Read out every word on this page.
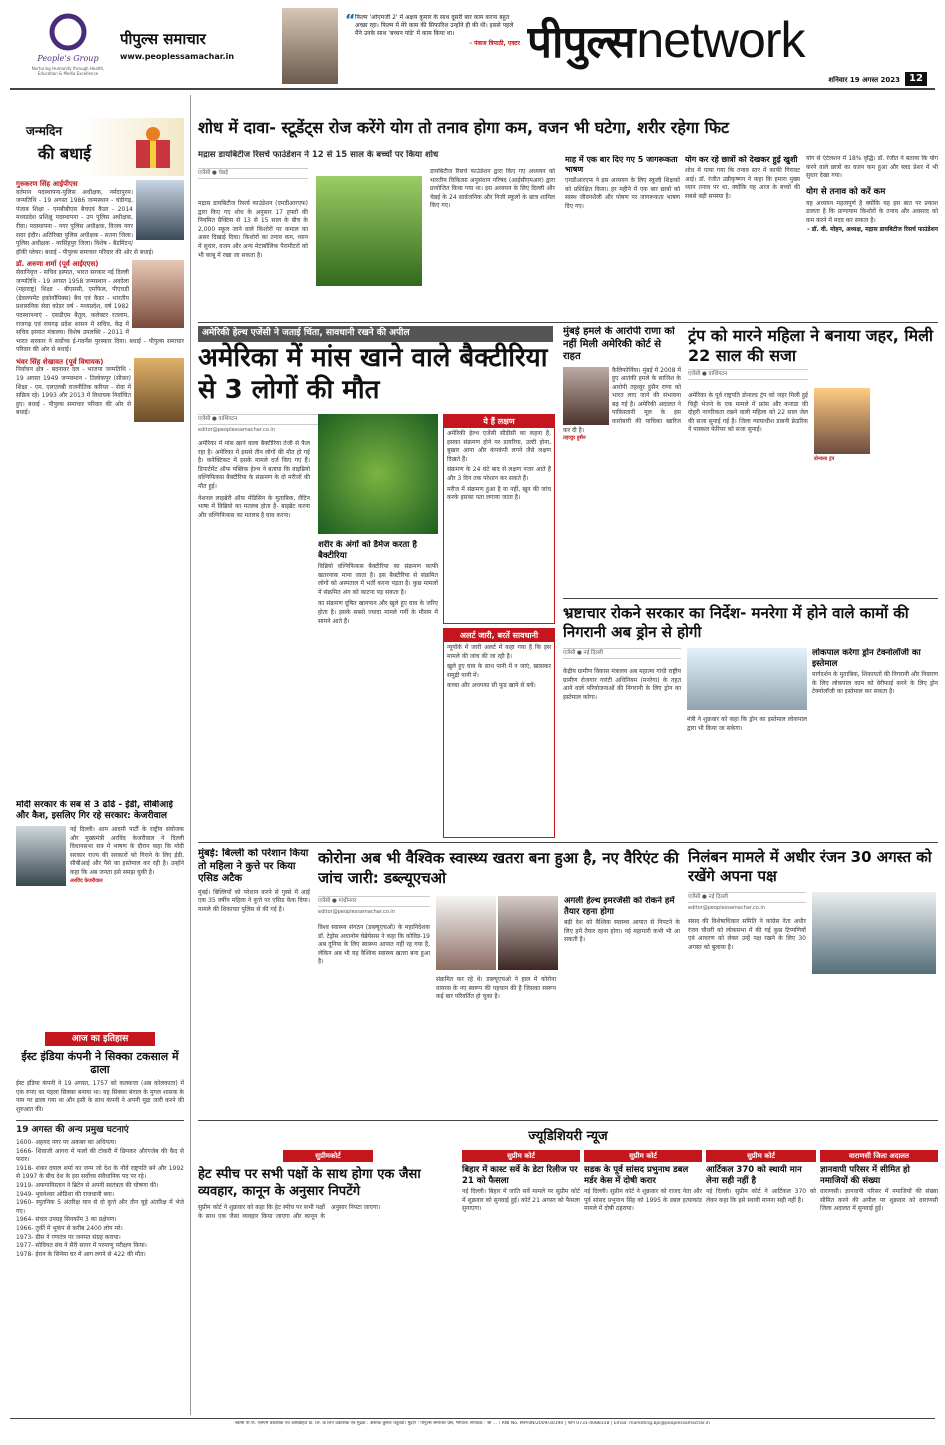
People's Group
Nurturing Humanity through Health, Education & Media Excellence
पीपुल्स समाचार
www.peoplessamachar.in
“ फिल्म 'ओएमजी 2' में अक्षय कुमार के साथ दूसरी बार काम करना बहुत अच्छा रहा। फिल्म में मेरे काम की सिफारिश उन्होंने ही की थी। इससे पहले मैंने उनके साथ 'बच्चन पांडे' में काम किया था।
- पंकज त्रिपाठी, एक्टर पीपुल्स network
शनिवार 19 अगस्त 2023 12
जन्मदिन
की बधाई
गुरुकरण सिंह आईपीएस
वर्तमान पदस्थापना-पुलिस अधीक्षक, नर्मदापुरम। जन्मतिथि - 19 अगस्त 1986 जन्मस्थान - चंडीगढ़, पंजाब शिक्षा - एमबीबीएस बैचएवं कैडर - 2014 मध्यप्रदेश प्रशिक्षु पदस्थापना - उप पुलिस अधीक्षक, रीवा। पदस्थापना - नगर पुलिस अधीक्षक, विजय नगर सदर इंदौर। अतिरिक्त पुलिस अधीक्षक - सतना जिला। पुलिस अधीक्षक - नरसिंहपुर जिला। विशेष - बैडमिंटन/हॉकी प्लेयर। बधाई - पीपुल्स समाचार परिवार की ओर से बधाई।
डॉ. अरुणा शर्मा (पूर्व आईएएस)
सेवानिवृत्त - सचिव इस्पात, भारत सरकार नई दिल्ली जन्मतिथि - 19 अगस्त 1958 जन्मस्थान - अकोला (महाराष्ट्र) शिक्षा - बीएससी, एमफिल, पीएचडी (डेवलपमेंट इकोनॉमिक्स) बैच एवं कैडर - भारतीय प्रशासनिक सेवा कोडर वर्ष - मध्यप्रदेश, वर्ष 1982 पदस्थापनाएं - एसडीएम बैतूल, कलेक्टर रतलाम, राजगढ़ एवं रायगढ़ प्रदेश शासन में सचिव, केंद्र में सचिव इस्पात मंत्रालय। विशेष उपलब्धि - 2011 में भारत सरकार ने सर्वोच्च ई-गवर्नेंस पुरस्कार दिया। बधाई - पीपुल्स समाचार परिवार की ओर से बधाई।
भंवर सिंह शेखावत (पूर्व विधायक)
निर्वाचन क्षेत्र - बदनावर दल - भाजपा जन्मतिथि - 19 अगस्त 1949 जन्मस्थान - तिलोकपुर (सीकर) शिक्षा - एम. एलएलबी राजनीतिक करियर - सेवा में सक्रिय रहे। 1993 और 2013 में विधायक निर्वाचित हुए। बधाई - पीपुल्स समाचार परिवार की ओर से बधाई।
मोदी सरकार के सब से 3 ढोंढे - ईडी, सीबीआई और कैश, इसलिए गिर रहे सरकार: केजरीवाल
नई दिल्ली। आम आदमी पार्टी के राष्ट्रीय संयोजक और मुख्यमंत्री अरविंद केजरीवाल ने दिल्ली विधानसभा सत्र में भाषण के दौरान कहा कि मोदी सरकार राज्य की सरकारों को गिराने के लिए ईडी, सीबीआई और पैसे का इस्तेमाल कर रही है। उन्होंने कहा कि अब जनता इसे समझ चुकी है।
अरविंद केजरीवाल
आज का इतिहास
ईस्ट इंडिया कंपनी ने सिक्का टकसाल में ढाला
ईस्ट इंडिया कंपनी ने 19 अगस्त, 1757 को कलकत्ता (अब कोलकाता) में एक रुपए का पहला सिक्का बनाया था। यह सिक्का बंगाल के मुगल शासक के नाम पर ढाला गया था और इसी के साथ कंपनी ने अपनी मुद्रा जारी करने की शुरुआत की।
19 अगस्त की अन्य प्रमुख घटनाएं
1600- अहमद नगर पर अकबर का अधिपत्य।
1666- शिवाजी आगरा में फलों की टोकरी में छिपकर औरंगजेब की कैद से फरार।
1918- शंकर दयाल शर्मा का जन्म जो देश के नौवें राष्ट्रपति बने और 1992 से 1997 के बीच देश के इस सर्वोच्च संवैधानिक पद पर रहे।
1919- अफगानिस्तान ने ब्रिटेन से अपनी स्वतंत्रता की घोषणा की।
1949- भुवनेश्वर ओडिशा की राजधानी बना।
1960- स्पुतनिक 5 अंतरिक्ष यान से दो कुत्ते और तीन चूहे अंतरिक्ष में भेजे गए।
1964- संचार उपग्रह सिनकॉम 3 का प्रक्षेपण।
1966- तुर्की में भूकंप से करीब 2400 लोग मरे।
1973- ग्रीस ने गणतंत्र पर जनमत संग्रह कराया।
1977- सोवियत संघ ने सैरी सागर में परमाणु परीक्षण किया।
1978- ईरान के सिनेमा घर में आग लगने से 422 की मौत।
शोध में दावा- स्टूडेंट्स रोज करेंगे योग तो तनाव होगा कम, वजन भी घटेगा, शरीर रहेगा फिट
मद्रास डायबिटीज रिसर्च फाउंडेशन ने 12 से 15 साल के बच्चों पर किया शोध
एजेंसी ● चेन्नई
मद्रास डायबिटीज रिसर्च फाउंडेशन (एमडीआरएफ) द्वारा किए गए शोध के अनुसार 17 हफ्तों की नियमित प्रैक्टिस से 13 से 15 साल के बीच के 2,000 स्कूल जाने वाले किशोरों पर कमाल का असर दिखाई दिया। किशोरों का तनाव कम, ध्यान में सुधार, वजन और अन्य मेटाबॉलिक पैरामीटरों को भी काबू में रखा जा सकता है।
डायबिटीज रिसर्च फाउंडेशन द्वारा किए गए अध्ययन को भारतीय चिकित्सा अनुसंधान परिषद (आईसीएमआर) द्वारा प्रायोजित किया गया था। इस अध्ययन के लिए दिल्ली और चेन्नई के 24 सार्वजनिक और निजी स्कूलों के छात्र शामिल किए गए।
माह में एक बार दिए गए 5 जागरूकता भाषण
एमडीआरएफ ने इस अध्ययन के लिए स्कूली शिक्षकों को प्रशिक्षित किया। हर महीने में एक बार छात्रों को स्वस्थ जीवनशैली और पोषण पर जागरूकता भाषण दिए गए।
योग कर रहे छात्रों को देखकर हुई खुशी
शोध में पाया गया कि तनाव स्तर में काफी गिरावट आई। डॉ. रंजीत उन्नीकृष्णन ने कहा कि हमारा मुख्य ध्यान तनाव पर था, क्योंकि यह आज के बच्चों की सबसे बड़ी समस्या है।
योग से एंटेलशन में 18% वृद्धि। डॉ. रंजीत ने बताया कि योग करने वाले छात्रों का वजन कम हुआ और ब्लड प्रेशर में भी सुधार देखा गया।
योग से तनाव को करें कम
यह अध्ययन महत्वपूर्ण है क्योंकि यह इस बात पर प्रकाश डालता है कि प्राणायाम किशोरों के तनाव और अवसाद को कम करने में मदद कर सकता है।
- डॉ. वी. मोहन, अध्यक्ष, मद्रास डायबिटीज रिसर्च फाउंडेशन
अमेरिकी हेल्थ एजेंसी ने जताई चिंता, सावधानी रखने की अपील
अमेरिका में मांस खाने वाले बैक्टीरिया से 3 लोगों की मौत
एजेंसी ● वाशिंगटन
editor@peoplessamachar.co.in
अमेरिका में मांस खाने वाला बैक्टीरिया तेजी से फैल रहा है। अमेरिका में इससे तीन लोगों की मौत हो गई है। कनेक्टिकट में इसके मामले दर्ज किए गए हैं। डिपार्टमेंट ऑफ पब्लिक हेल्थ ने बताया कि वाइब्रियो वल्निफिकस बैक्टीरिया के संक्रमण के दो मरीजों की मौत हुई।
नेशनल लाइब्रेरी ऑफ मेडिसिन के मुताबिक, लैटिन भाषा में विब्रियो का मतलब होता है- बाइब्रेट करना और वल्निफिकस का मतलब है घाव करना।
शरीर के अंगों को डैमेज करता है बैक्टीरिया
विब्रियो वल्निफिकस बैक्टीरिया का संक्रमण काफी खतरनाक माना जाता है। इस बैक्टीरिया से संक्रमित लोगों को अस्पताल में भर्ती करना पड़ता है। कुछ मामलों में संक्रमित अंग को काटना पड़ सकता है।
का संक्रमण दूषित खानपान और खुले हुए घाव के जरिए होता है। इसके सबसे ज्यादा मामले गर्मी के मौसम में सामने आते हैं।
ये हैं लक्षण
अमेरिकी हेल्थ एजेंसी सीडीसी का कहना है, इसका संक्रमण होने पर डायरिया, उल्टी होना, बुखार आना और कंपकंपी लगने जैसे लक्षण दिखते हैं।
संक्रमण के 24 घंटे बाद से लक्षण नजर आते हैं और 3 दिन तक परेशान कर सकते हैं।
मरीज में संक्रमण हुआ है या नहीं, खून की जांच करके इसका पता लगाया जाता है।
अलर्ट जारी, बरतें सावधानी
न्यूयॉर्क में जारी अलर्ट में कहा गया है कि इस मामले की जांच की जा रही है।
खुले हुए घाव के साथ पानी में न जाएं, खासकर समुद्री पानी में।
कच्चा और अधपका सी फूड खाने से बचें।
मुंबई हमले के आरोपी राणा को नहीं मिली अमेरिकी कोर्ट से राहत
कैलिफोर्निया। मुंबई में 2008 में हुए आतंकी हमले के साजिश के आरोपी तहव्वुर हुसैन राणा को भारत लाए जाने की संभावना बढ़ गई है। अमेरिकी अदालत ने पाकिस्तानी मूल के इस कारोबारी की याचिका खारिज कर दी है।
तहव्वुर हुसैन
ट्रंप को मारने महिला ने बनाया जहर, मिली 22 साल की सजा
एजेंसी ● वाशिंगटन
अमेरिका के पूर्व राष्ट्रपति डोनाल्ड ट्रंप को जहर मिली हुई चिट्ठी भेजने के एक मामले में फ्रांस और कनाडा की दोहरी नागरिकता रखने वाली महिला को 22 साल जेल की सजा सुनाई गई है। जिला न्यायाधीश डाबनी फ्रेडरिक ने पास्कल फेरियर को सजा सुनाई।
डोनाल्ड ट्रंप
भ्रष्टाचार रोकने सरकार का निर्देश- मनरेगा में होने वाले कामों की निगरानी अब ड्रोन से होगी
एजेंसी ● नई दिल्ली
केंद्रीय ग्रामीण विकास मंत्रालय अब महात्मा गांधी राष्ट्रीय ग्रामीण रोजगार गारंटी अधिनियम (मनरेगा) के तहत आने वाले परियोजनाओं की निगरानी के लिए ड्रोन का इस्तेमाल करेगा।
मंत्री ने शुक्रवार को कहा कि ड्रोन का इस्तेमाल लोकपाल द्वारा भी किया जा सकेगा।
लोकपाल करेगा ड्रोन टेक्नोलॉजी का इस्तेमाल
मार्गदर्शन के मुताबिक, शिकायतों की निगरानी और निवारण के लिए लोकपाल काम को वेरीफाई करने के लिए ड्रोन टेक्नोलॉजी का इस्तेमाल कर सकता है।
मुंबई: बिल्ली को परेशान किया तो महिला ने कुत्ते पर किया एसिड अटैक
मुंबई। बिल्लियों को परेशान करने से गुस्से में आई एक 35 वर्षीय महिला ने कुत्ते पर एसिड फेंक दिया। मामले की शिकायत पुलिस से की गई है।
कोरोना अब भी वैश्विक स्वास्थ्य खतरा बना हुआ है, नए वैरिएंट की जांच जारी: डब्ल्यूएचओ
एजेंसी ● गांधीनगर
editor@peoplessamachar.co.in
विश्व स्वास्थ्य संगठन (डब्ल्यूएचओ) के महानिदेशक डॉ. टेड्रोस अधानोम घेब्रेयेसस ने कहा कि कोविड-19 अब दुनिया के लिए स्वास्थ्य आपात नहीं रह गया है, लेकिन अब भी यह वैश्विक स्वास्थ्य खतरा बना हुआ है।
संक्रमित कर रहे थे। डब्ल्यूएचओ ने हाल में कोरोना वायरस के नए स्वरूप की पहचान की है जिसका स्वरूप कई बार परिवर्तित हो चुका है।
अगली हेल्थ इमरजेंसी को रोकने हमें तैयार रहना होगा
बढ़ी देश को वैश्विक स्वास्थ्य आपात से निपटने के लिए हमें तैयार रहना होगा। नई महामारी कभी भी आ सकती है।
निलंबन मामले में अधीर रंजन 30 अगस्त को रखेंगे अपना पक्ष
एजेंसी ● नई दिल्ली
editor@peoplessamachar.co.in
संसद की विशेषाधिकार समिति ने कांग्रेस नेता अधीर रंजन चौधरी को लोकसभा में की गई कुछ टिप्पणियों एवं आचरण को लेकर उन्हें पक्ष रखने के लिए 30 अगस्त को बुलाया है।
ज्यूडिशियरी न्यूज
सुप्रीमकोर्ट
हेट स्पीच पर सभी पक्षों के साथ होगा एक जैसा व्यवहार, कानून के अनुसार निपटेंगे
सुप्रीम कोर्ट ने शुक्रवार को कहा कि हेट स्पीच पर सभी पक्षों के साथ एक जैसा व्यवहार किया जाएगा और कानून के अनुसार निपटा जाएगा।
सुप्रीम कोर्ट
बिहार में कास्ट सर्वे के डेटा रिलीज पर 21 को फैसला
नई दिल्ली। बिहार में जाति सर्वे मामले पर सुप्रीम कोर्ट में शुक्रवार को सुनवाई हुई। कोर्ट 21 अगस्त को फैसला सुनाएगा।
सुप्रीम कोर्ट
सडक के पूर्व सांसद प्रभुनाथ डबल मर्डर केस में दोषी करार
नई दिल्ली। सुप्रीम कोर्ट ने शुक्रवार को राजद नेता और पूर्व सांसद प्रभुनाथ सिंह को 1995 के डबल हत्याकांड मामले में दोषी ठहराया।
सुप्रीम कोर्ट
आर्टिकल 370 को स्थायी मान लेना सही नहीं है
नई दिल्ली। सुप्रीम कोर्ट ने आर्टिकल 370 को लेकर कहा कि इसे स्थायी मानना सही नहीं है।
वाराणसी जिला अदालत
ज्ञानवापी परिसर में सीमित हो नमाजियों की संख्या
वाराणसी। ज्ञानवापी परिसर में नमाजियों की संख्या सीमित करने की अपील पर शुक्रवार को वाराणसी जिला अदालत में सुनवाई हुई।
स्वामी पी.पी. एसएम प्रकाशक एवं अधिग्रहित प्रा. लि. के लिए प्रकाशक एवं मुद्रक : अशोक कुमार चतुर्वेदी। मुद्रण : पीपुल्स समाचार प्रेस, भोपाल। संपादक : श्री ... । RNI No. MPHIN/2009/30190 | फोन 0731-4088318 | Email: marketing.bpl@peoplessamachar.in
